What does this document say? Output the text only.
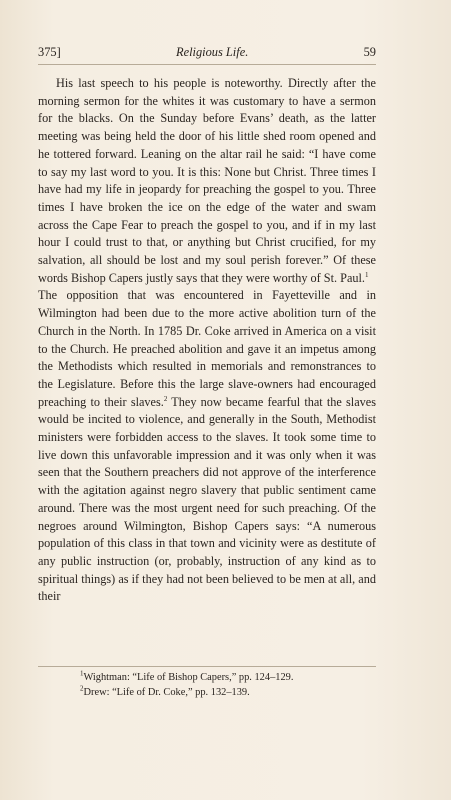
375]	Religious Life.	59

His last speech to his people is noteworthy. Directly after the morning sermon for the whites it was customary to have a sermon for the blacks. On the Sunday before Evans’ death, as the latter meeting was being held the door of his little shed room opened and he tottered forward. Leaning on the altar rail he said: “I have come to say my last word to you. It is this: None but Christ. Three times I have had my life in jeopardy for preaching the gospel to you. Three times I have broken the ice on the edge of the water and swam across the Cape Fear to preach the gospel to you, and if in my last hour I could trust to that, or anything but Christ crucified, for my salvation, all should be lost and my soul perish forever.” Of these words Bishop Capers justly says that they were worthy of St. Paul.$^1$

The opposition that was encountered in Fayetteville and in Wilmington had been due to the more active abolition turn of the Church in the North. In 1785 Dr. Coke arrived in America on a visit to the Church. He preached abolition and gave it an impetus among the Methodists which resulted in memorials and remonstrances to the Legislature. Before this the large slave-owners had encouraged preaching to their slaves.$^2$ They now became fearful that the slaves would be incited to violence, and generally in the South, Methodist ministers were forbidden access to the slaves. It took some time to live down this unfavorable impression and it was only when it was seen that the Southern preachers did not approve of the interference with the agitation against negro slavery that public sentiment came around. There was the most urgent need for such preaching. Of the negroes around Wilmington, Bishop Capers says: “A numerous population of this class in that town and vicinity were as destitute of any public instruction (or, probably, instruction of any kind as to spiritual things) as if they had not been believed to be men at all, and their

$^1$Wightman: “Life of Bishop Capers,” pp. 124–129.
$^2$Drew: “Life of Dr. Coke,” pp. 132–139.
